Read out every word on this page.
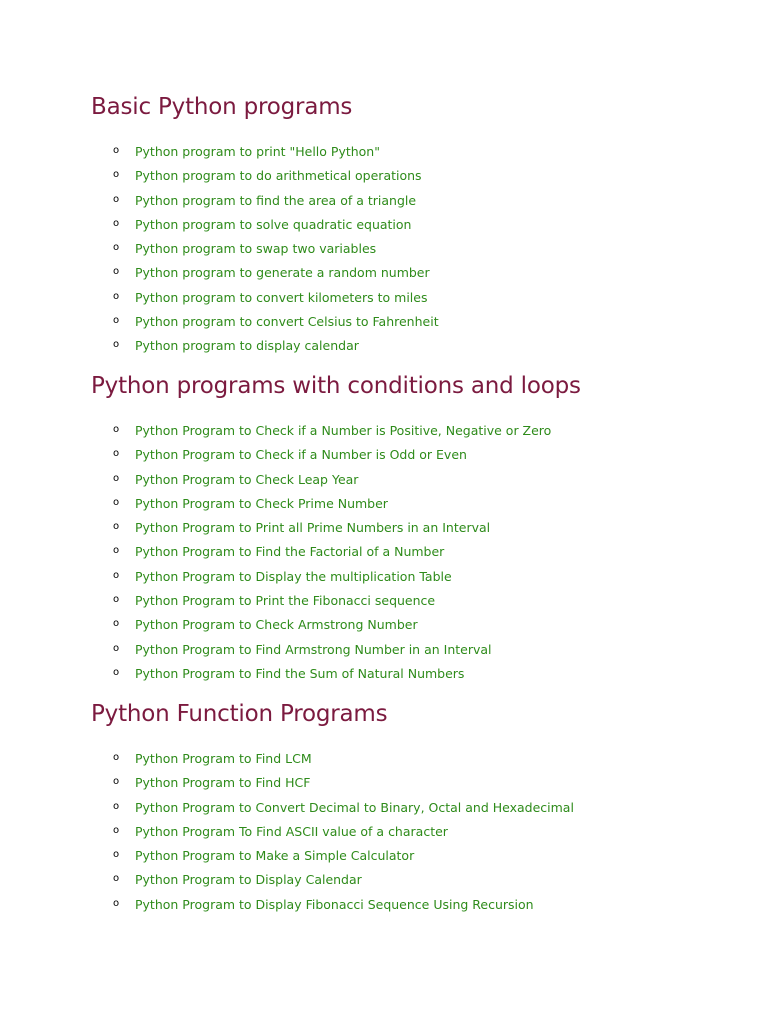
Basic Python programs
o Python program to print "Hello Python"
o Python program to do arithmetical operations
o Python program to find the area of a triangle
o Python program to solve quadratic equation
o Python program to swap two variables
o Python program to generate a random number
o Python program to convert kilometers to miles
o Python program to convert Celsius to Fahrenheit
o Python program to display calendar
Python programs with conditions and loops
o Python Program to Check if a Number is Positive, Negative or Zero
o Python Program to Check if a Number is Odd or Even
o Python Program to Check Leap Year
o Python Program to Check Prime Number
o Python Program to Print all Prime Numbers in an Interval
o Python Program to Find the Factorial of a Number
o Python Program to Display the multiplication Table
o Python Program to Print the Fibonacci sequence
o Python Program to Check Armstrong Number
o Python Program to Find Armstrong Number in an Interval
o Python Program to Find the Sum of Natural Numbers
Python Function Programs
o Python Program to Find LCM
o Python Program to Find HCF
o Python Program to Convert Decimal to Binary, Octal and Hexadecimal
o Python Program To Find ASCII value of a character
o Python Program to Make a Simple Calculator
o Python Program to Display Calendar
o Python Program to Display Fibonacci Sequence Using Recursion
